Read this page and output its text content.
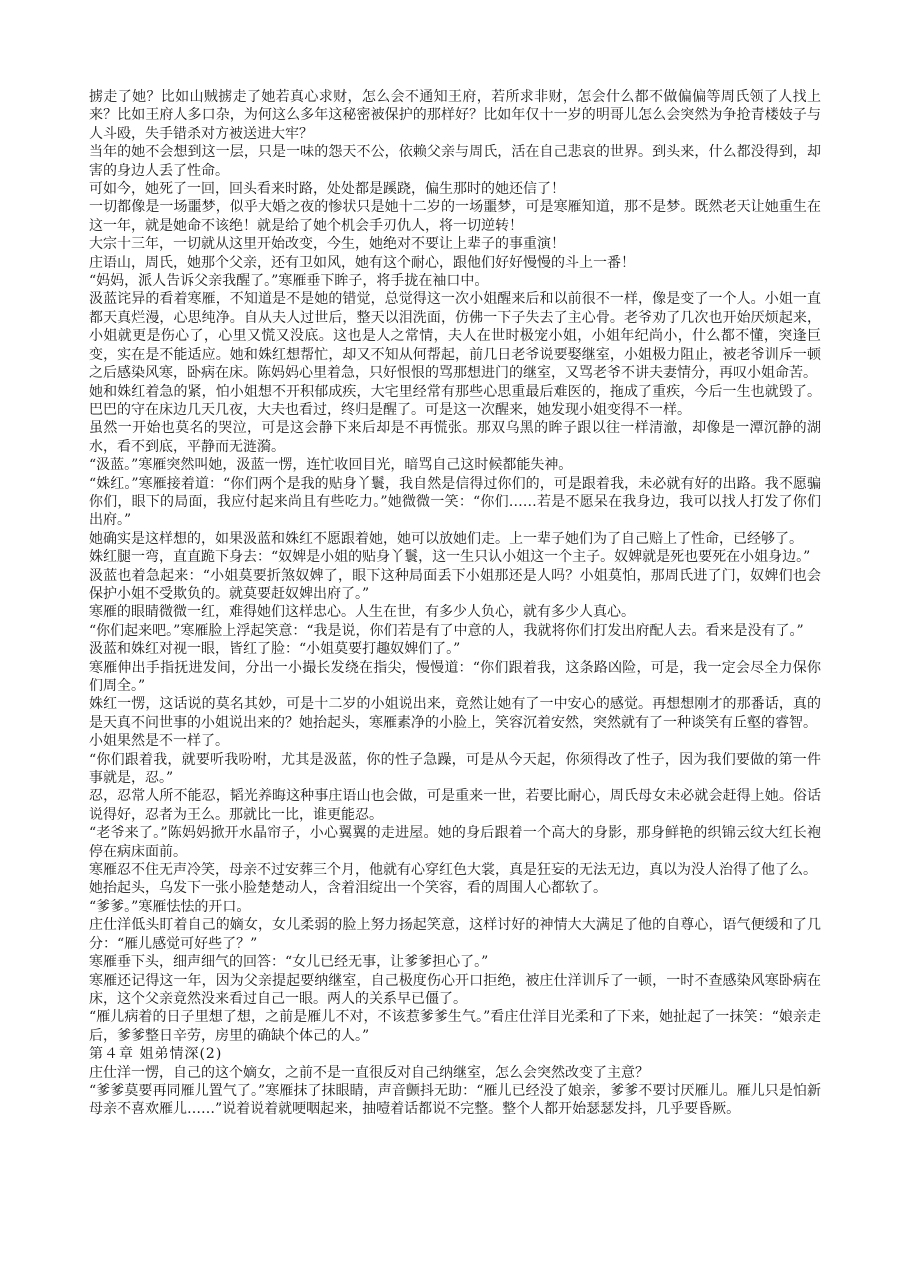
掳走了她？比如山贼掳走了她若真心求财，怎么会不通知王府，若所求非财，怎会什么都不做偏偏等周氏领了人找上来？比如王府人多口杂，为何这么多年这秘密被保护的那样好？比如年仅十一岁的明哥儿怎么会突然为争抢青楼妓子与人斗殴，失手错杀对方被送进大牢？

当年的她不会想到这一层，只是一味的怨天不公，依赖父亲与周氏，活在自己悲哀的世界。到头来，什么都没得到，却害的身边人丢了性命。

可如今，她死了一回，回头看来时路，处处都是蹊跷，偏生那时的她还信了！

一切都像是一场噩梦，似乎大婚之夜的惨状只是她十二岁的一场噩梦，可是寒雁知道，那不是梦。既然老天让她重生在这一年，就是她命不该绝！就是给了她个机会手刃仇人，将一切逆转！

大宗十三年，一切就从这里开始改变，今生，她绝对不要让上辈子的事重演！

庄语山，周氏，她那个父亲，还有卫如风，她有这个耐心，跟他们好好慢慢的斗上一番！

“妈妈，派人告诉父亲我醒了。”寒雁垂下眸子，将手拢在袖口中。

汲蓝诧异的看着寒雁，不知道是不是她的错觉，总觉得这一次小姐醒来后和以前很不一样，像是变了一个人。小姐一直都天真烂漫，心思纯净。自从夫人过世后，整天以泪洗面，仿佛一下子失去了主心骨。老爷劝了几次也开始厌烦起来，小姐就更是伤心了，心里又慌又没底。这也是人之常情，夫人在世时极宠小姐，小姐年纪尚小，什么都不懂，突逢巨变，实在是不能适应。她和姝红想帮忙，却又不知从何帮起，前几日老爷说要娶继室，小姐极力阻止，被老爷训斥一顿之后感染风寒，卧病在床。陈妈妈心里着急，只好恨恨的骂那想进门的继室，又骂老爷不讲夫妻情分，再叹小姐命苦。

她和姝红着急的紧，怕小姐想不开积郁成疾，大宅里经常有那些心思重最后难医的，拖成了重疾，今后一生也就毁了。巴巴的守在床边几天几夜，大夫也看过，终归是醒了。可是这一次醒来，她发现小姐变得不一样。

虽然一开始也莫名的哭泣，可是这会静下来后却是不再慌张。那双乌黑的眸子跟以往一样清澈，却像是一潭沉静的湖水，看不到底，平静而无涟漪。

“汲蓝。”寒雁突然叫她，汲蓝一愣，连忙收回目光，暗骂自己这时候都能失神。

“姝红。”寒雁接着道：“你们两个是我的贴身丫鬟，我自然是信得过你们的，可是跟着我，未必就有好的出路。我不愿骗你们，眼下的局面，我应付起来尚且有些吃力。”她微微一笑：“你们……若是不愿呆在我身边，我可以找人打发了你们出府。”

她确实是这样想的，如果汲蓝和姝红不愿跟着她，她可以放她们走。上一辈子她们为了自己赔上了性命，已经够了。

姝红腿一弯，直直跪下身去：“奴婢是小姐的贴身丫鬟，这一生只认小姐这一个主子。奴婢就是死也要死在小姐身边。”

汲蓝也着急起来：“小姐莫要折煞奴婢了，眼下这种局面丢下小姐那还是人吗？小姐莫怕，那周氏进了门，奴婢们也会保护小姐不受欺负的。就莫要赶奴婢出府了。”

寒雁的眼睛微微一红，难得她们这样忠心。人生在世，有多少人负心，就有多少人真心。

“你们起来吧。”寒雁脸上浮起笑意：“我是说，你们若是有了中意的人，我就将你们打发出府配人去。看来是没有了。”

汲蓝和姝红对视一眼，皆红了脸：“小姐莫要打趣奴婢们了。”

寒雁伸出手指抚进发间，分出一小撮长发绕在指尖，慢慢道：“你们跟着我，这条路凶险，可是，我一定会尽全力保你们周全。”

姝红一愣，这话说的莫名其妙，可是十二岁的小姐说出来，竟然让她有了一中安心的感觉。再想想刚才的那番话，真的是天真不问世事的小姐说出来的？她抬起头，寒雁素净的小脸上，笑容沉着安然，突然就有了一种谈笑有丘壑的睿智。

小姐果然是不一样了。

“你们跟着我，就要听我吩咐，尤其是汲蓝，你的性子急躁，可是从今天起，你须得改了性子，因为我们要做的第一件事就是，忍。”

忍，忍常人所不能忍，韬光养晦这种事庄语山也会做，可是重来一世，若要比耐心，周氏母女未必就会赶得上她。俗话说得好，忍者为王么。那就比一比，谁更能忍。

“老爷来了。”陈妈妈掀开水晶帘子，小心翼翼的走进屋。她的身后跟着一个高大的身影，那身鲜艳的织锦云纹大红长袍停在病床面前。

寒雁忍不住无声冷笑，母亲不过安葬三个月，他就有心穿红色大裳，真是狂妄的无法无边，真以为没人治得了他了么。

她抬起头，乌发下一张小脸楚楚动人，含着泪绽出一个笑容，看的周围人心都软了。

“爹爹。”寒雁怯怯的开口。

庄仕洋低头盯着自己的嫡女，女儿柔弱的脸上努力扬起笑意，这样讨好的神情大大满足了他的自尊心，语气便缓和了几分：“雁儿感觉可好些了？”

寒雁垂下头，细声细气的回答：“女儿已经无事，让爹爹担心了。”

寒雁还记得这一年，因为父亲提起要纳继室，自己极度伤心开口拒绝，被庄仕洋训斥了一顿，一时不查感染风寒卧病在床，这个父亲竟然没来看过自己一眼。两人的关系早已僵了。

“雁儿病着的日子里想了想，之前是雁儿不对，不该惹爹爹生气。”看庄仕洋目光柔和了下来，她扯起了一抹笑：“娘亲走后，爹爹整日辛劳，房里的确缺个体己的人。”

第４章 姐弟情深(2)

庄仕洋一愣，自己的这个嫡女，之前不是一直很反对自己纳继室，怎么会突然改变了主意？

“爹爹莫要再同雁儿置气了。”寒雁抹了抹眼睛，声音颤抖无助：“雁儿已经没了娘亲，爹爹不要讨厌雁儿。雁儿只是怕新母亲不喜欢雁儿……”说着说着就哽咽起来，抽噎着话都说不完整。整个人都开始瑟瑟发抖，几乎要昏厥。
